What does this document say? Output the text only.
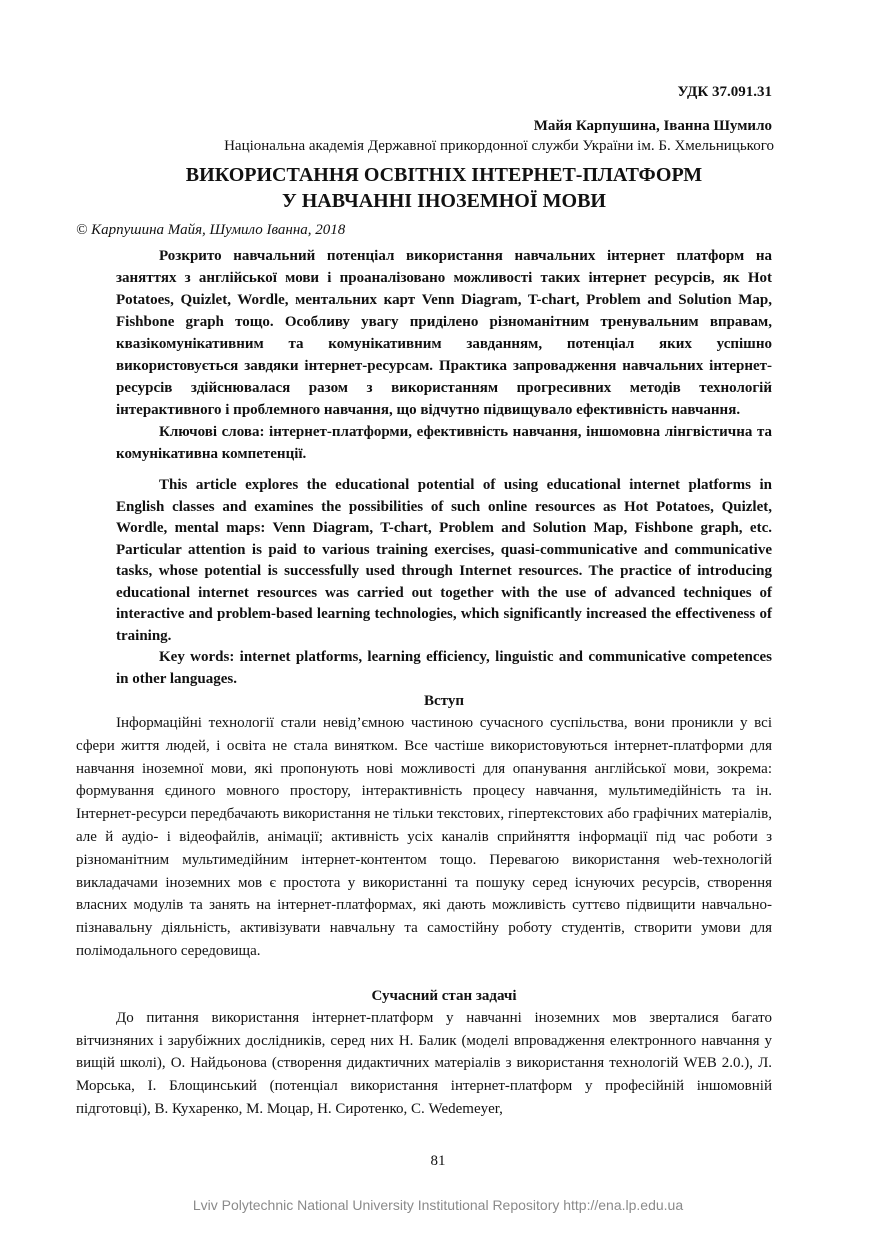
УДК 37.091.31
Майя Карпушина, Іванна Шумило
Національна академія Державної прикордонної служби України ім. Б. Хмельницького
ВИКОРИСТАННЯ ОСВІТНІХ ІНТЕРНЕТ-ПЛАТФОРМ
У НАВЧАННІ ІНОЗЕМНОЇ МОВИ
© Карпушина Майя, Шумило Іванна, 2018

Розкрито навчальний потенціал використання навчальних інтернет платформ на заняттях з англійської мови і проаналізовано можливості таких інтернет ресурсів, як Hot Potatoes, Quizlet, Wordle, ментальних карт Venn Diagram, T-chart, Problem and Solution Map, Fishbone graph тощо. Особливу увагу приділено різноманітним тренувальним вправам, квазікомунікативним та комунікативним завданням, потенціал яких успішно використовується завдяки інтернет-ресурсам. Практика запровадження навчальних інтернет-ресурсів здійснювалася разом з використанням прогресивних методів технологій інтерактивного і проблемного навчання, що відчутно підвищувало ефективність навчання.

Ключові слова: інтернет-платформи, ефективність навчання, іншомовна лінгвістична та комунікативна компетенції.

This article explores the educational potential of using educational internet platforms in English classes and examines the possibilities of such online resources as Hot Potatoes, Quizlet, Wordle, mental maps: Venn Diagram, T-chart, Problem and Solution Map, Fishbone graph, etc. Particular attention is paid to various training exercises, quasi-communicative and communicative tasks, whose potential is successfully used through Internet resources. The practice of introducing educational internet resources was carried out together with the use of advanced techniques of interactive and problem-based learning technologies, which significantly increased the effectiveness of training.

Key words: internet platforms, learning efficiency, linguistic and communicative competences in other languages.

Вступ

Інформаційні технології стали невід’ємною частиною сучасного суспільства, вони проникли у всі сфери життя людей, і освіта не стала винятком. Все частіше використовуються інтернет-платформи для навчання іноземної мови, які пропонують нові можливості для опанування англійської мови, зокрема: формування єдиного мовного простору, інтерактивність процесу навчання, мультимедійність та ін. Інтернет-ресурси передбачають використання не тільки текстових, гіпертекстових або графічних матеріалів, але й аудіо- і відеофайлів, анімації; активність усіх каналів сприйняття інформації під час роботи з різноманітним мультимедійним інтернет-контентом тощо. Перевагою використання web-технологій викладачами іноземних мов є простота у використанні та пошуку серед існуючих ресурсів, створення власних модулів та занять на інтернет-платформах, які дають можливість суттєво підвищити навчально-пізнавальну діяльність, активізувати навчальну та самостійну роботу студентів, створити умови для полімодального середовища.

Сучасний стан задачі

До питання використання інтернет-платформ у навчанні іноземних мов зверталися багато вітчизняних і зарубіжних дослідників, серед них Н. Балик (моделі впровадження електронного навчання у вищій школі), О. Найдьонова (створення дидактичних матеріалів з використання технологій WEB 2.0.), Л. Морська, І. Блощинський (потенціал використання інтернет-платформ у професійній іншомовній підготовці), В. Кухаренко, М. Моцар, Н. Сиротенко, С. Wedemeyer,

81
Lviv Polytechnic National University Institutional Repository http://ena.lp.edu.ua
